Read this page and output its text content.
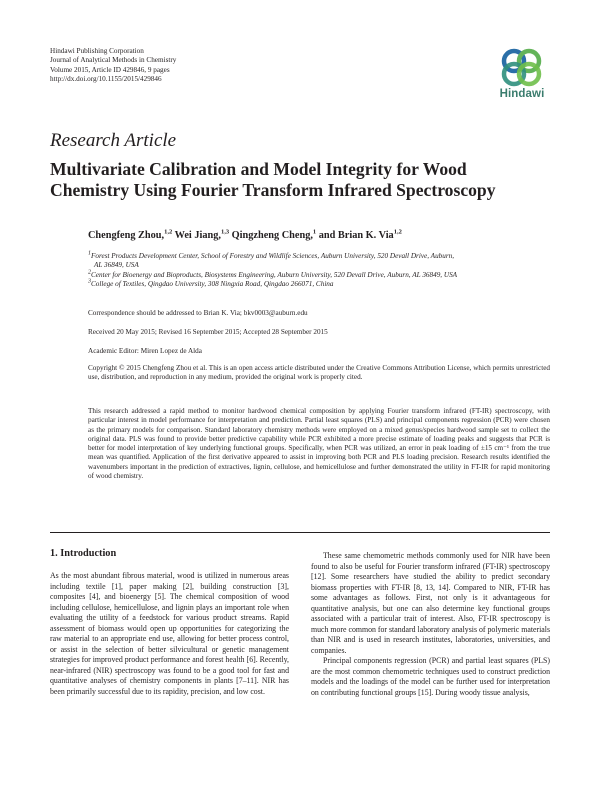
Hindawi Publishing Corporation
Journal of Analytical Methods in Chemistry
Volume 2015, Article ID 429846, 9 pages
http://dx.doi.org/10.1155/2015/429846
Hindawi
Research Article
Multivariate Calibration and Model Integrity for Wood Chemistry Using Fourier Transform Infrared Spectroscopy
Chengfeng Zhou,$^{1,2}$ Wei Jiang,$^{1,3}$ Qingzheng Cheng,$^1$ and Brian K. Via$^{1,2}$
$^1$Forest Products Development Center, School of Forestry and Wildlife Sciences, Auburn University, 520 Devall Drive, Auburn,
AL 36849, USA
$^2$Center for Bioenergy and Bioproducts, Biosystems Engineering, Auburn University, 520 Devall Drive, Auburn, AL 36849, USA
$^3$College of Textiles, Qingdao University, 308 Ningxia Road, Qingdao 266071, China
Correspondence should be addressed to Brian K. Via; bkv0003@auburn.edu
Received 20 May 2015; Revised 16 September 2015; Accepted 28 September 2015
Academic Editor: Miren Lopez de Alda
Copyright © 2015 Chengfeng Zhou et al. This is an open access article distributed under the Creative Commons Attribution License, which permits unrestricted use, distribution, and reproduction in any medium, provided the original work is properly cited.
This research addressed a rapid method to monitor hardwood chemical composition by applying Fourier transform infrared (FT-IR) spectroscopy, with particular interest in model performance for interpretation and prediction. Partial least squares (PLS) and principal components regression (PCR) were chosen as the primary models for comparison. Standard laboratory chemistry methods were employed on a mixed genus/species hardwood sample set to collect the original data. PLS was found to provide better predictive capability while PCR exhibited a more precise estimate of loading peaks and suggests that PCR is better for model interpretation of key underlying functional groups. Specifically, when PCR was utilized, an error in peak loading of ±15 cm⁻¹ from the true mean was quantified. Application of the first derivative appeared to assist in improving both PCR and PLS loading precision. Research results identified the wavenumbers important in the prediction of extractives, lignin, cellulose, and hemicellulose and further demonstrated the utility in FT-IR for rapid monitoring of wood chemistry.
1. Introduction

As the most abundant fibrous material, wood is utilized in numerous areas including textile [1], paper making [2], building construction [3], composites [4], and bioenergy [5]. The chemical composition of wood including cellulose, hemicellulose, and lignin plays an important role when evaluating the utility of a feedstock for various product streams. Rapid assessment of biomass would open up opportunities for categorizing the raw material to an appropriate end use, allowing for better process control, or assist in the selection of better silvicultural or genetic management strategies for improved product performance and forest health [6]. Recently, near-infrared (NIR) spectroscopy was found to be a good tool for fast and quantitative analyses of chemistry components in plants [7–11]. NIR has been primarily successful due to its rapidity, precision, and low cost.

These same chemometric methods commonly used for NIR have been found to also be useful for Fourier transform infrared (FT-IR) spectroscopy [12]. Some researchers have studied the ability to predict secondary biomass properties with FT-IR [8, 13, 14]. Compared to NIR, FT-IR has some advantages as follows. First, not only is it advantageous for quantitative analysis, but one can also determine key functional groups associated with a particular trait of interest. Also, FT-IR spectroscopy is much more common for standard laboratory analysis of polymeric materials than NIR and is used in research institutes, laboratories, universities, and companies.

Principal components regression (PCR) and partial least squares (PLS) are the most common chemometric techniques used to construct prediction models and the loadings of the model can be further used for interpretation on contributing functional groups [15]. During woody tissue analysis,
